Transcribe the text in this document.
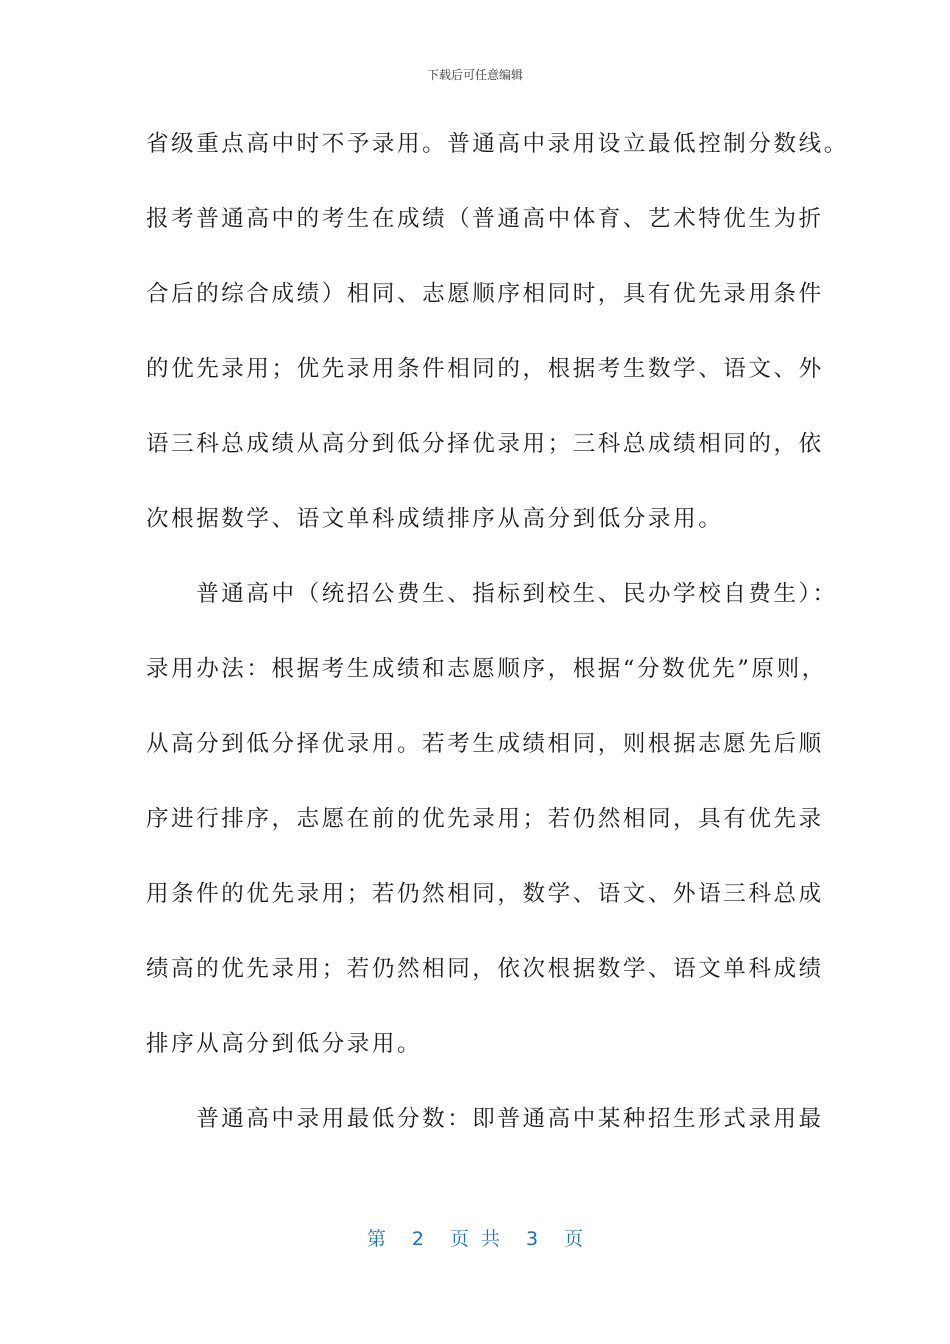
下载后可任意编辑
省级重点高中时不予录用。普通高中录用设立最低控制分数线。
报考普通高中的考生在成绩（普通高中体育、艺术特优生为折
合后的综合成绩）相同、志愿顺序相同时，具有优先录用条件
的优先录用；优先录用条件相同的，根据考生数学、语文、外
语三科总成绩从高分到低分择优录用；三科总成绩相同的，依
次根据数学、语文单科成绩排序从高分到低分录用。
　　普通高中（统招公费生、指标到校生、民办学校自费生）：
录用办法：根据考生成绩和志愿顺序，根据“分数优先”原则，
从高分到低分择优录用。若考生成绩相同，则根据志愿先后顺
序进行排序，志愿在前的优先录用；若仍然相同，具有优先录
用条件的优先录用；若仍然相同，数学、语文、外语三科总成
绩高的优先录用；若仍然相同，依次根据数学、语文单科成绩
排序从高分到低分录用。
　　普通高中录用最低分数：即普通高中某种招生形式录用最
第 2 页 共 3 页
